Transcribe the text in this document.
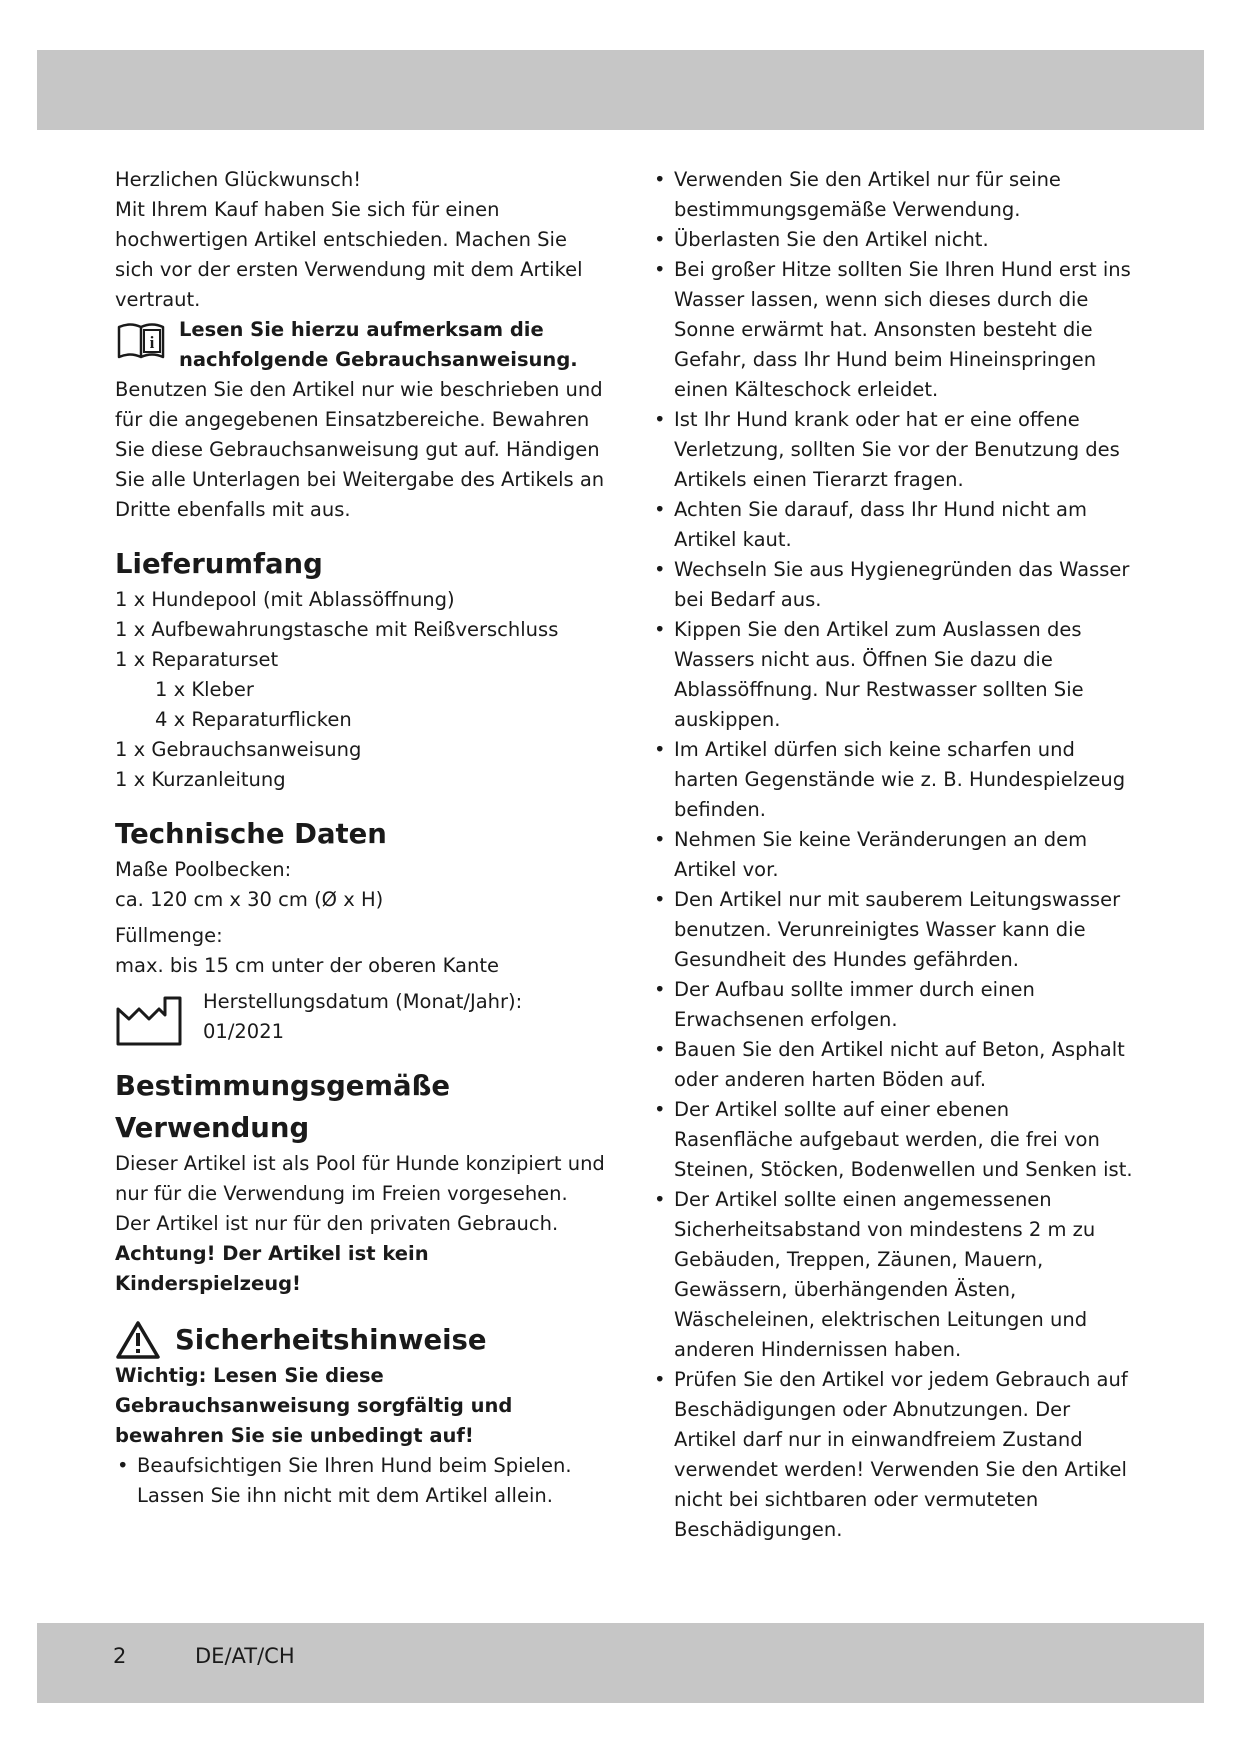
Herzlichen Glückwunsch!

Mit Ihrem Kauf haben Sie sich für einen hochwertigen Artikel entschieden. Machen Sie sich vor der ersten Verwendung mit dem Artikel vertraut.

i

Lesen Sie hierzu aufmerksam die nachfolgende Gebrauchsanweisung.

Benutzen Sie den Artikel nur wie beschrieben und für die angegebenen Einsatzbereiche. Bewahren Sie diese Gebrauchsanweisung gut auf. Händigen Sie alle Unterlagen bei Weitergabe des Artikels an Dritte ebenfalls mit aus.

Lieferumfang

1 x Hundepool (mit Ablassöffnung)

1 x Aufbewahrungstasche mit Reißverschluss

1 x Reparaturset

1 x Kleber

4 x Reparaturflicken

1 x Gebrauchsanweisung

1 x Kurzanleitung

Technische Daten

Maße Poolbecken:

ca. 120 cm x 30 cm (Ø x H)

Füllmenge:

max. bis 15 cm unter der oberen Kante

Herstellungsdatum (Monat/Jahr):

01/2021

Bestimmungsgemäße Verwendung

Dieser Artikel ist als Pool für Hunde konzipiert und nur für die Verwendung im Freien vorgesehen. Der Artikel ist nur für den privaten Gebrauch.

Achtung! Der Artikel ist kein Kinderspielzeug!

Sicherheitshinweise

Wichtig: Lesen Sie diese Gebrauchsanweisung sorgfältig und bewahren Sie sie unbedingt auf!

• Beaufsichtigen Sie Ihren Hund beim Spielen. Lassen Sie ihn nicht mit dem Artikel allein.
• Verwenden Sie den Artikel nur für seine bestimmungsgemäße Verwendung.
• Überlasten Sie den Artikel nicht.
• Bei großer Hitze sollten Sie Ihren Hund erst ins Wasser lassen, wenn sich dieses durch die Sonne erwärmt hat. Ansonsten besteht die Gefahr, dass Ihr Hund beim Hineinspringen einen Kälteschock erleidet.
• Ist Ihr Hund krank oder hat er eine offene Verletzung, sollten Sie vor der Benutzung des Artikels einen Tierarzt fragen.
• Achten Sie darauf, dass Ihr Hund nicht am Artikel kaut.
• Wechseln Sie aus Hygienegründen das Wasser bei Bedarf aus.
• Kippen Sie den Artikel zum Auslassen des Wassers nicht aus. Öffnen Sie dazu die Ablassöffnung. Nur Restwasser sollten Sie auskippen.
• Im Artikel dürfen sich keine scharfen und harten Gegenstände wie z. B. Hundespielzeug befinden.
• Nehmen Sie keine Veränderungen an dem Artikel vor.
• Den Artikel nur mit sauberem Leitungswasser benutzen. Verunreinigtes Wasser kann die Gesundheit des Hundes gefährden.
• Der Aufbau sollte immer durch einen Erwachsenen erfolgen.
• Bauen Sie den Artikel nicht auf Beton, Asphalt oder anderen harten Böden auf.
• Der Artikel sollte auf einer ebenen Rasenfläche aufgebaut werden, die frei von Steinen, Stöcken, Bodenwellen und Senken ist.
• Der Artikel sollte einen angemessenen Sicherheitsabstand von mindestens 2 m zu Gebäuden, Treppen, Zäunen, Mauern, Gewässern, überhängenden Ästen, Wäscheleinen, elektrischen Leitungen und anderen Hindernissen haben.
• Prüfen Sie den Artikel vor jedem Gebrauch auf Beschädigungen oder Abnutzungen. Der Artikel darf nur in einwandfreiem Zustand verwendet werden! Verwenden Sie den Artikel nicht bei sichtbaren oder vermuteten Beschädigungen.
2	DE/AT/CH
